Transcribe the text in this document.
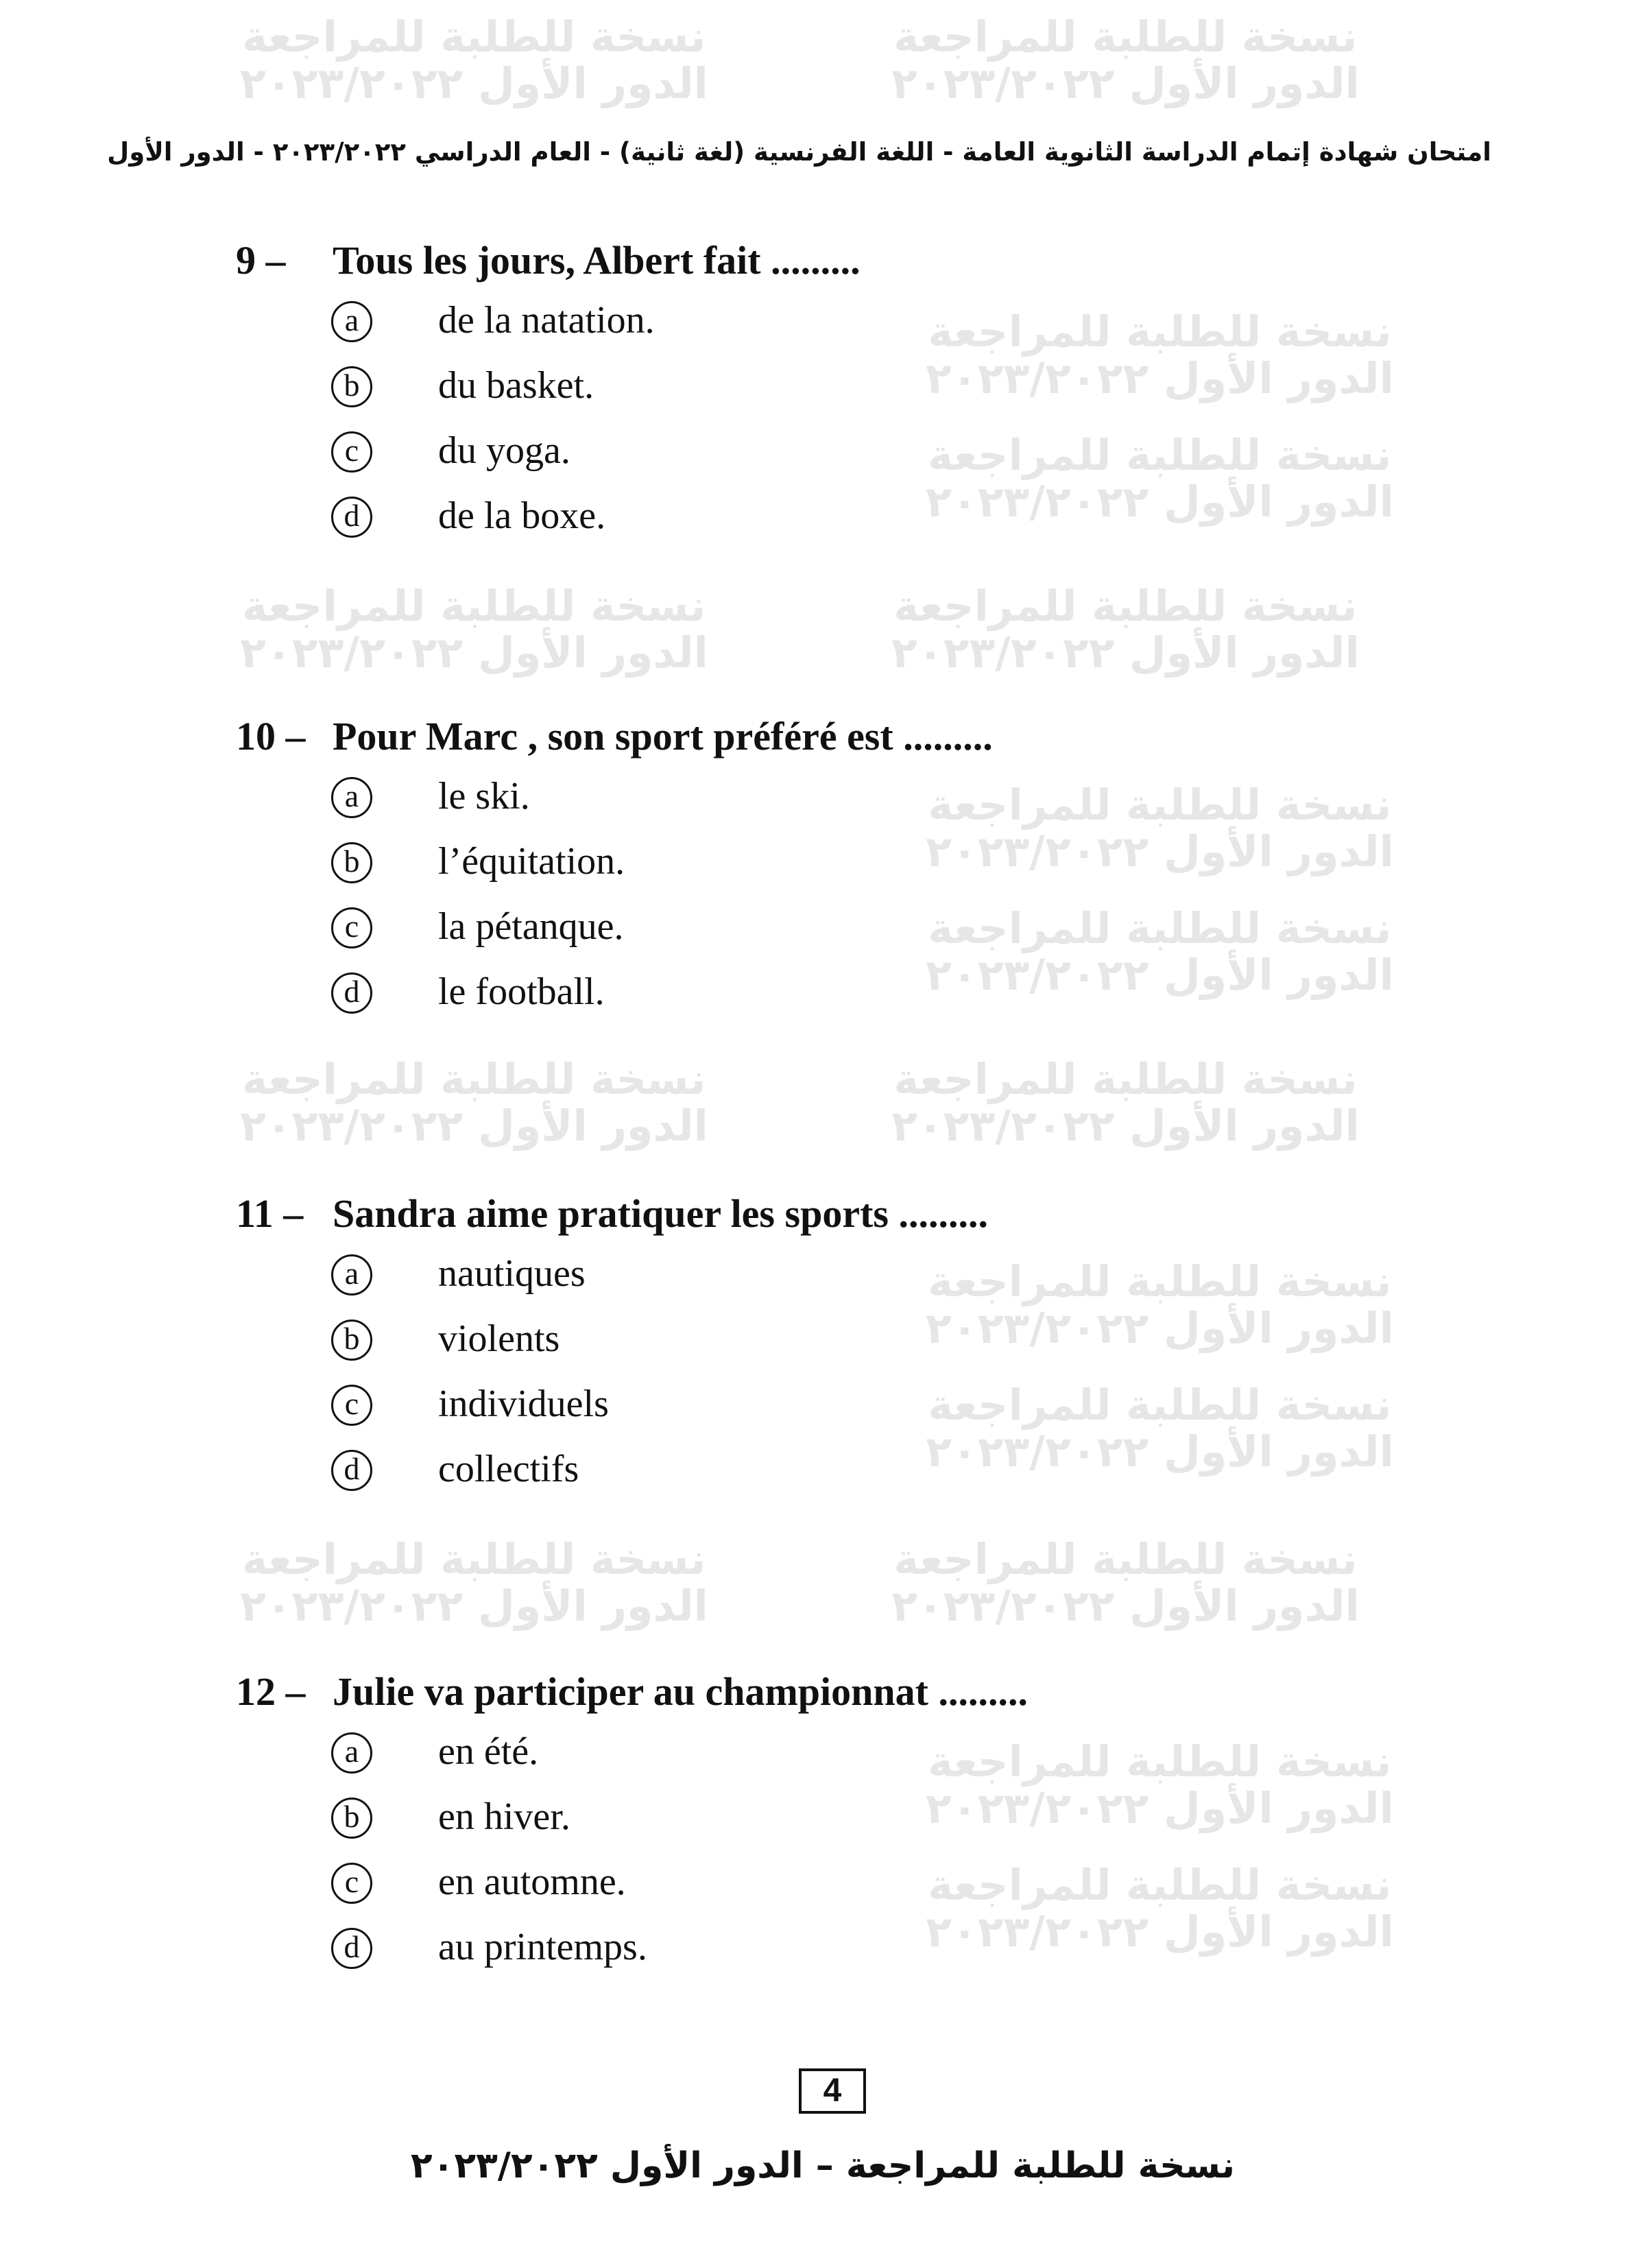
نسخة للطلبة للمراجعة
الدور الأول ٢٠٢٣/٢٠٢٢
نسخة للطلبة للمراجعة
الدور الأول ٢٠٢٣/٢٠٢٢
نسخة للطلبة للمراجعة
الدور الأول ٢٠٢٣/٢٠٢٢
نسخة للطلبة للمراجعة
الدور الأول ٢٠٢٣/٢٠٢٢
نسخة للطلبة للمراجعة
الدور الأول ٢٠٢٣/٢٠٢٢
نسخة للطلبة للمراجعة
الدور الأول ٢٠٢٣/٢٠٢٢
نسخة للطلبة للمراجعة
الدور الأول ٢٠٢٣/٢٠٢٢
نسخة للطلبة للمراجعة
الدور الأول ٢٠٢٣/٢٠٢٢
نسخة للطلبة للمراجعة
الدور الأول ٢٠٢٣/٢٠٢٢
نسخة للطلبة للمراجعة
الدور الأول ٢٠٢٣/٢٠٢٢
نسخة للطلبة للمراجعة
الدور الأول ٢٠٢٣/٢٠٢٢
نسخة للطلبة للمراجعة
الدور الأول ٢٠٢٣/٢٠٢٢
نسخة للطلبة للمراجعة
الدور الأول ٢٠٢٣/٢٠٢٢
نسخة للطلبة للمراجعة
الدور الأول ٢٠٢٣/٢٠٢٢
نسخة للطلبة للمراجعة
الدور الأول ٢٠٢٣/٢٠٢٢
نسخة للطلبة للمراجعة
الدور الأول ٢٠٢٣/٢٠٢٢
امتحان شهادة إتمام الدراسة الثانوية العامة - اللغة الفرنسية (لغة ثانية) - العام الدراسي ٢٠٢٣/٢٠٢٢ - الدور الأول
9 – Tous les jours, Albert fait .........
a	de la natation.
b	du basket.
c	du yoga.
d	de la boxe.
10 – Pour Marc , son sport préféré est .........
a	le ski.
b	l’équitation.
c	la pétanque.
d	le football.
11 – Sandra aime pratiquer les sports .........
a	nautiques
b	violents
c	individuels
d	collectifs
12 – Julie va participer au championnat .........
a	en été.
b	en hiver.
c	en automne.
d	au printemps.
4
نسخة للطلبة للمراجعة – الدور الأول ٢٠٢٣/٢٠٢٢
